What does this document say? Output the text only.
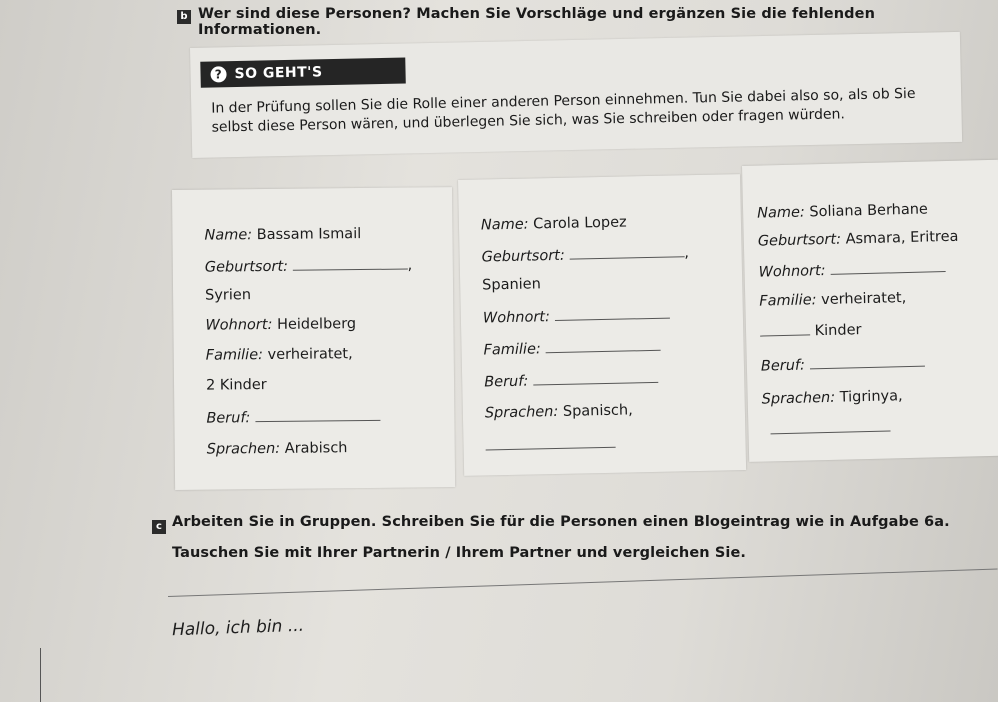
b Wer sind diese Personen? Machen Sie Vorschläge und ergänzen Sie die fehlenden Informationen.
? SO GEHT'S
In der Prüfung sollen Sie die Rolle einer anderen Person einnehmen. Tun Sie dabei also so, als ob Sie selbst diese Person wären, und überlegen Sie sich, was Sie schreiben oder fragen würden.
Name: Bassam Ismail
Geburtsort:	,
Syrien
Wohnort: Heidelberg
Familie: verheiratet,
2 Kinder
Beruf:
Sprachen: Arabisch
Name: Carola Lopez
Geburtsort:	,
Spanien
Wohnort:
Familie:
Beruf:
Sprachen: Spanisch,
Name: Soliana Berhane
Geburtsort: Asmara, Eritrea
Wohnort:
Familie: verheiratet,
Kinder
Beruf:
Sprachen: Tigrinya,
c Arbeiten Sie in Gruppen. Schreiben Sie für die Personen einen Blogeintrag wie in Aufgabe 6a.
Tauschen Sie mit Ihrer Partnerin / Ihrem Partner und vergleichen Sie.
Hallo, ich bin ...
